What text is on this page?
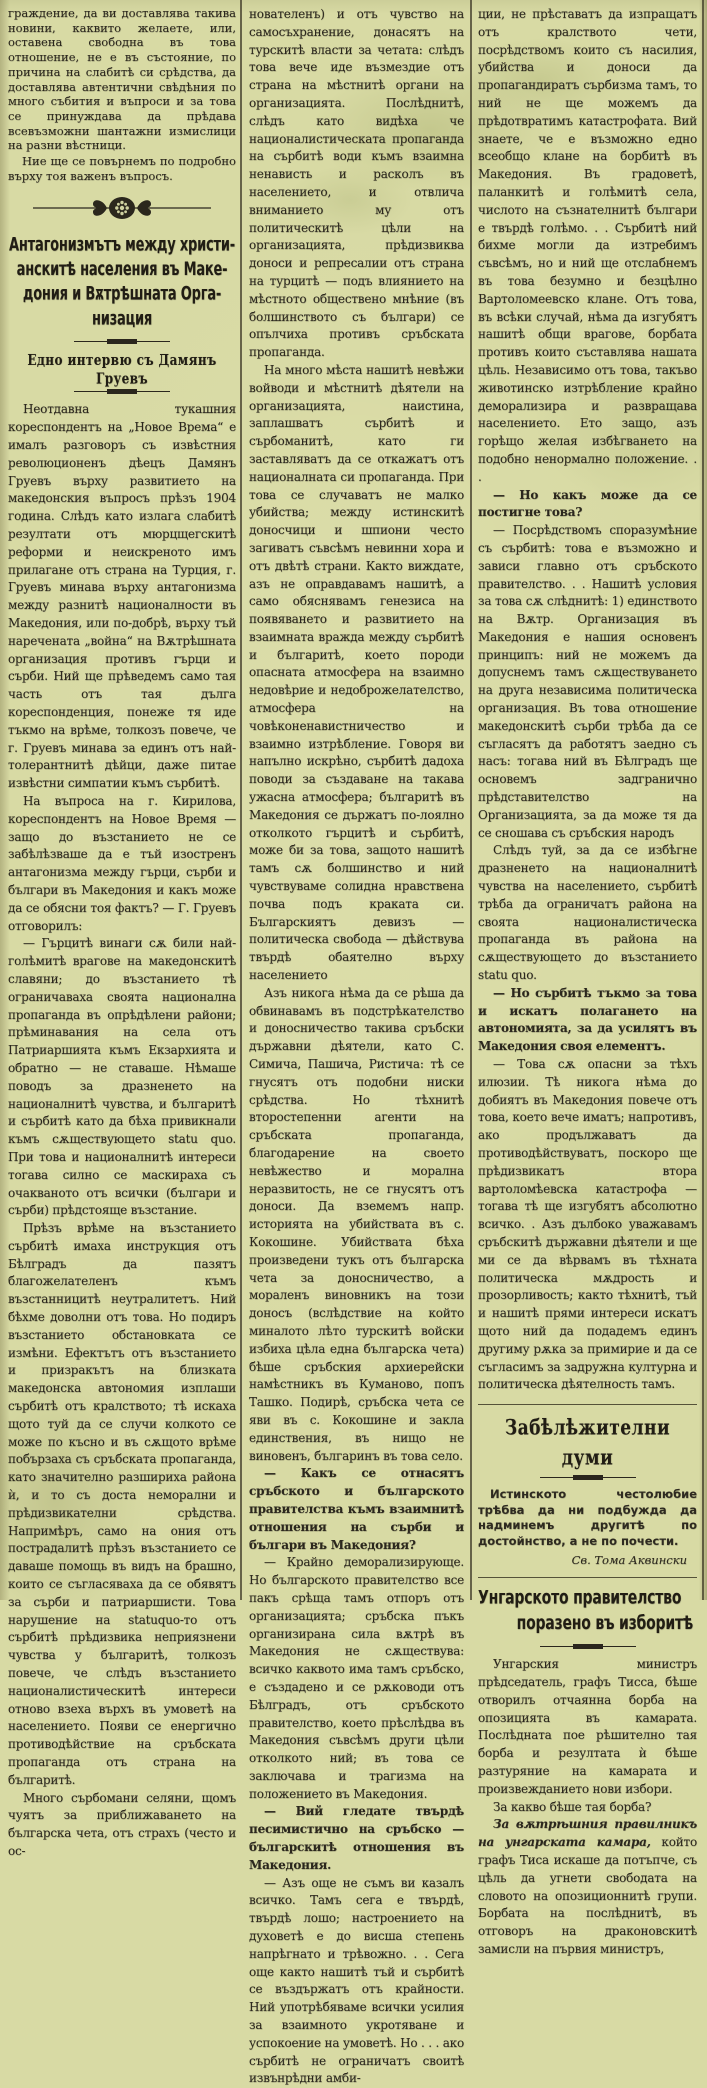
граждение, да ви доставлява такива новини, каквито желаете, или, оставена свободна въ това отношение, не е въ състояние, по причина на слабитѣ си срѣдства, да доставлява автентични свѣдѣния по много събития и въпроси и за това се принуждава да прѣдава всевъзможни шантажни измислици на разни вѣстници.

Ние ще се повърнемъ по подробно върху тоя важенъ въпросъ.

Антагонизмътъ между христи-
анскитѣ населения въ Маке-
дония и Вѫтрѣшната Орга-
низация
Едно интервю съ Дамянъ Груевъ

Неотдавна тукашния кореспондентъ на „Новое Врема“ е ималъ разговоръ съ извѣстния революционенъ дѣецъ Дамянъ Груевъ върху развитието на македонския въпросъ прѣзъ 1904 година. Слѣдъ като излага слабитѣ резултати отъ мюрцщегскитѣ реформи и неискреното имъ прилагане отъ страна на Турция, г. Груевъ минава върху антагонизма между разнитѣ националности въ Македония, или по-добрѣ, върху тъй наречената „война“ на Вѫтрѣшната организация противъ гърци и сърби. Ний ще прѣведемъ само тая часть отъ тая дълга кореспонденция, понеже тя иде тъкмо на врѣме, толкозъ повече, че г. Груевъ минава за единъ отъ най-толерантнитѣ дѣйци, даже питае извѣстни симпатии къмъ сърбитѣ.

На въпроса на г. Кирилова, кореспондентъ на Новое Время — защо до възстанието не се забѣлѣзваше да е тъй изостренъ антагонизма между гърци, сърби и българи въ Македония и какъ може да се обясни тоя фактъ? — Г. Груевъ отговорилъ:

— Гърцитѣ винаги сѫ били най-голѣмитѣ врагове на македонскитѣ славяни; до възстанието тѣ ограничаваха своята национална пропаганда въ опрѣдѣлени райони; прѣминавания на села отъ Патриаршията къмъ Екзархията и обратно — не ставаше. Нѣмаше поводъ за дразненето на националнитѣ чувства, и българитѣ и сърбитѣ като да бѣха привикнали къмъ сѫществующето statu quo. При това и националнитѣ интереси тогава силно се маскираха съ очакваното отъ всички (българи и сърби) прѣдстояще възстание.

Прѣзъ врѣме на възстанието сърбитѣ имаха инструкция отъ Бѣлградъ да пазятъ благожелателенъ къмъ възстанницитѣ неутралитетъ. Ний бѣхме доволни отъ това. Но подиръ възстанието обстановката се измѣни. Ефектътъ отъ възстанието и призракътъ на близката македонска автономия изплаши сърбитѣ отъ кралството; тѣ искаха щото туй да се случи колкото се може по късно и въ сѫщото врѣме побързаха съ сръбската пропаганда, като значително разшириха района ѝ, и то съ доста неморални и прѣдизвикателни срѣдства. Напримѣръ, само на ония отъ пострадалитѣ прѣзъ възстанието се даваше помощь въ видъ на брашно, които се съгласяваха да се обявятъ за сърби и патриаршисти. Това нарушение на statuquo-то отъ сърбитѣ прѣдизвика неприязнени чувства у българитѣ, толкозъ повече, че слѣдъ възстанието националистическитѣ интереси отново взеха върхъ въ умоветѣ на населението. Появи се енергично противодѣйствие на сръбската пропаганда отъ страна на българитѣ.

Много сърбомани селяни, щомъ чуятъ за приближаването на българска чета, отъ страхъ (често и ос-

нователенъ) и отъ чувство на самосъхранение, донасятъ на турскитѣ власти за четата: слѣдъ това вече иде възмездие отъ страна на мѣстнитѣ органи на организацията. Послѣднитѣ, слѣдъ като видѣха че националистическата пропаганда на сърбитѣ води къмъ взаимна ненависть и расколъ въ населението, и отвлича вниманието му отъ политическитѣ цѣли на организацията, прѣдизвиква доноси и репресалии отъ страна на турцитѣ — подъ влиянието на мѣстното обществено мнѣние (въ болшинството съ българи) се опълчиха противъ сръбската пропаганда.

На много мѣста нашитѣ невѣжи войводи и мѣстнитѣ дѣятели на организацията, наистина, заплашватъ сърбитѣ и сърбоманитѣ, като ги заставляватъ да се откажатъ отъ националната си пропаганда. При това се случаватъ не малко убийства; между истинскитѣ доносчици и шпиони често загиватъ съвсѣмъ невинни хора и отъ двѣтѣ страни. Както виждате, азъ не оправдавамъ нашитѣ, а само обяснявамъ генезиса на появяването и развитието на взаимната вражда между сърбитѣ и българитѣ, което породи опасната атмосфера на взаимно недовѣрие и недоброжелателство, атмосфера на човѣконенавистничество и взаимно изтрѣбление. Говоря ви напълно искрѣно, сърбитѣ дадоха поводи за създаване на такава ужасна атмосфера; българитѣ въ Македония се държатъ по-лоялно отколкото гърцитѣ и сърбитѣ, може би за това, защото нашитѣ тамъ сѫ болшинство и ний чувствуваме солидна нравствена почва подъ краката си. Българскиятъ девизъ — политическа свобода — дѣйствува твърдѣ обаятелно върху населението

Азъ никога нѣма да се рѣша да обвинавамъ въ подстрѣкателство и доносничество такива сръбски държавни дѣятели, като С. Симича, Пашича, Ристича: тѣ се гнусятъ отъ подобни ниски срѣдства. Но тѣхнитѣ второстепенни агенти на сръбската пропаганда, благодарение на своето невѣжество и морална неразвитость, не се гнусятъ отъ доноси. Да вземемъ напр. историята на убийствата въ с. Кокошине. Убийствата бѣха произведени тукъ отъ българска чета за доносничество, а мораленъ виновникъ на този доносъ (вслѣдствие на който миналото лѣто турскитѣ войски избиха цѣла една българска чета) бѣше сръбския архиерейски намѣстникъ въ Куманово, попъ Ташко. Подирѣ, сръбска чета се яви въ с. Кокошине и закла единствения, въ нищо не виновенъ, българинъ въ това село.

— Какъ се отнасятъ сръбското и българското правителства къмъ взаимнитѣ отношения на сърби и българи въ Македония?

— Крайно деморализирующе. Но българското правителство все пакъ срѣща тамъ отпоръ отъ организацията; сръбска пъкъ организирана сила вѫтрѣ въ Македония не сѫществува: всичко каквото има тамъ сръбско, е създадено и се рѫководи отъ Бѣлградъ, отъ сръбското правителство, което прѣслѣдва въ Македония съвсѣмъ други цѣли отколкото ний; въ това се заключава и трагизма на положението въ Македония.

— Вий гледате твърдѣ песимистично на сръбско — българскитѣ отношения въ Македония.

— Азъ още не съмъ ви казалъ всичко. Тамъ сега е твърдѣ, твърдѣ лошо; настроението на духоветѣ е до висша степень напрѣгнато и трѣвожно. . . Сега още както нашитѣ тъй и сърбитѣ се въздържатъ отъ крайности. Ний употрѣбяваме всички усилия за взаимното укротяване и успокоение на умоветѣ. Но . . . ако сърбитѣ не ограничатъ своитѣ извънрѣдни амби-

ции, не прѣставатъ да изпращатъ отъ кралството чети, посрѣдствомъ които съ насилия, убийства и доноси да пропагандиратъ сърбизма тамъ, то ний не ще можемъ да прѣдотвратимъ катастрофата. Вий знаете, че е възможно едно всеобщо клане на борбитѣ въ Македония. Въ градоветѣ, паланкитѣ и голѣмитѣ села, числото на съзнателнитѣ българи е твърдѣ голѣмо. . . Сърбитѣ ний бихме могли да изтребимъ съвсѣмъ, но и ний ще отслабнемъ въ това безумно и безцѣлно Вартоломеевско клане. Отъ това, въ всѣки случай, нѣма да изгубятъ нашитѣ общи врагове, борбата противъ които съставлява нашата цѣль. Независимо отъ това, такъво животинско изтрѣбление крайно деморализира и развращава населението. Ето защо, азъ горѣщо желая избѣгването на подобно ненормално положение. . .

— Но какъ може да се постигне това?

— Посрѣдствомъ споразумѣние съ сърбитѣ: това е възможно и зависи главно отъ сръбското правителство. . . Нашитѣ условия за това сѫ слѣднитѣ: 1) единството на Вѫтр. Организация въ Македония е нашия основенъ принципъ: ний не можемъ да допуснемъ тамъ сѫществуването на друга независима политическа организация. Въ това отношение македонскитѣ сърби трѣба да се съгласятъ да работятъ заедно съ насъ: тогава ний въ Бѣлградъ ще основемъ задгранично прѣдставителство на Организацията, за да може тя да се сношава съ сръбския народъ

Слѣдъ туй, за да се избѣгне дразненето на националнитѣ чувства на населението, сърбитѣ трѣба да ограничатъ района на своята националистическа пропаганда въ района на сѫществующето до възстанието statu quo.

— Но сърбитѣ тъкмо за това и искатъ полагането на автономията, за да усилятъ въ Македония своя елементъ.

— Това сѫ опасни за тѣхъ илюзии. Тѣ никога нѣма до добиятъ въ Македония повече отъ това, което вече иматъ; напротивъ, ако продължаватъ да противодѣйствуватъ, поскоро ще прѣдизвикатъ втора вартоломѣевска катастрофа — тогава тѣ ще изгубятъ абсолютно всичко. . Азъ дълбоко уважавамъ сръбскитѣ държавни дѣятели и ще ми се да вѣрвамъ въ тѣхната политическа мѫдрость и прозорливость; както тѣхнитѣ, тъй и нашитѣ прями интереси искатъ щото ний да подадемъ единъ другиму рѫка за примирие и да се съгласимъ за задружна културна и политическа дѣятелность тамъ.

Забѣлѣжителни думи

Истинското честолюбие трѣбва да ни подбужда да надминемъ другитѣ по достойнство, а не по почести.

Св. Тома Аквински
Унгарското правителство
поразено въ изборитѣ

Унгарския министръ прѣдседатель, графъ Тисса, бѣше отворилъ отчаянна борба на опозицията въ камарата. Послѣдната пое рѣшително тая борба и резултата ѝ бѣше разтуряние на камарата и произвежданието нови избори.

За какво бѣше тая борба?

За вѫтрѣшния правилникъ на унгарската камара, който графъ Тиса искаше да потъпче, съ цѣль да угнети свободата на словото на опозиционнитѣ групи. Борбата на послѣднитѣ, въ отговоръ на драконовскитѣ замисли на първия министръ,
